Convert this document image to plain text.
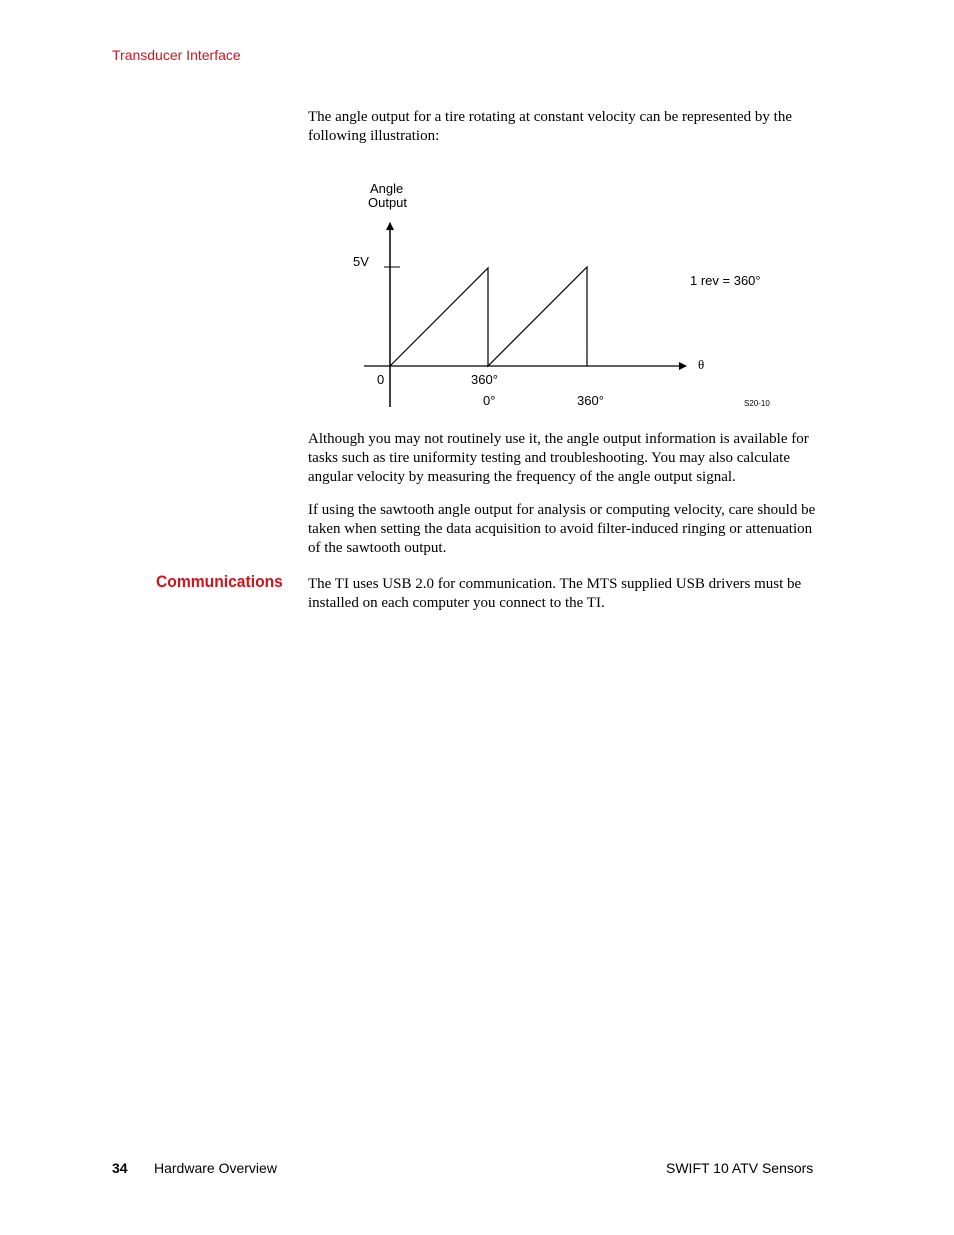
Transducer Interface

The angle output for a tire rotating at constant velocity can be represented by the following illustration:

Angle
Output
5V
0	360°
0°	360°
θ
1 rev = 360°
S20-10

Although you may not routinely use it, the angle output information is available for tasks such as tire uniformity testing and troubleshooting. You may also calculate angular velocity by measuring the frequency of the angle output signal.

If using the sawtooth angle output for analysis or computing velocity, care should be taken when setting the data acquisition to avoid filter-induced ringing or attenuation of the sawtooth output.

Communications The TI uses USB 2.0 for communication. The MTS supplied USB drivers must be installed on each computer you connect to the TI.

34 Hardware Overview	SWIFT 10 ATV Sensors
